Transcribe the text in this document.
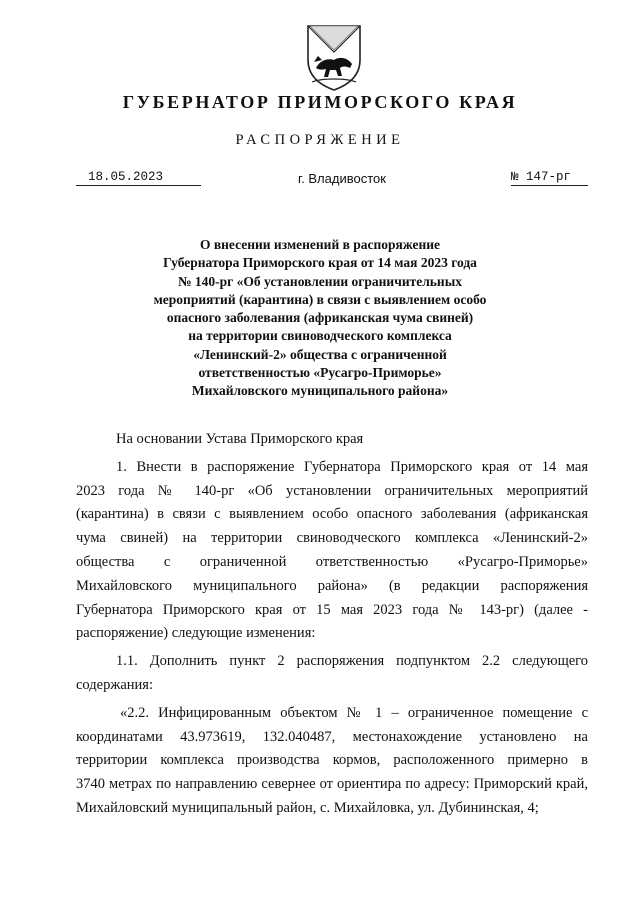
ГУБЕРНАТОР ПРИМОРСКОГО КРАЯ
РАСПОРЯЖЕНИЕ
18.05.2023	г. Владивосток	№ 147-рг
О внесении изменений в распоряжение
Губернатора Приморского края от 14 мая 2023 года
№ 140-рг «Об установлении ограничительных
мероприятий (карантина) в связи с выявлением особо
опасного заболевания (африканская чума свиней)
на территории свиноводческого комплекса
«Ленинский-2» общества с ограниченной
ответственностью «Русагро-Приморье»
Михайловского муниципального района»

На основании Устава Приморского края

1. Внести в распоряжение Губернатора Приморского края от 14 мая
2023 года № 140-рг «Об установлении ограничительных мероприятий
(карантина) в связи с выявлением особо опасного заболевания (африканская
чума свиней) на территории свиноводческого комплекса «Ленинский-2»
общества с ограниченной ответственностью «Русагро-Приморье»
Михайловского муниципального района» (в редакции распоряжения
Губернатора Приморского края от 15 мая 2023 года № 143-рг) (далее -
распоряжение) следующие изменения:

1.1. Дополнить пункт 2 распоряжения подпунктом 2.2 следующего
содержания:

«2.2. Инфицированным объектом № 1 – ограниченное помещение с
координатами 43.973619, 132.040487, местонахождение установлено на
территории комплекса производства кормов, расположенного примерно в
3740 метрах по направлению севернее от ориентира по адресу: Приморский край,
Михайловский муниципальный район, с. Михайловка, ул. Дубининская, 4;
